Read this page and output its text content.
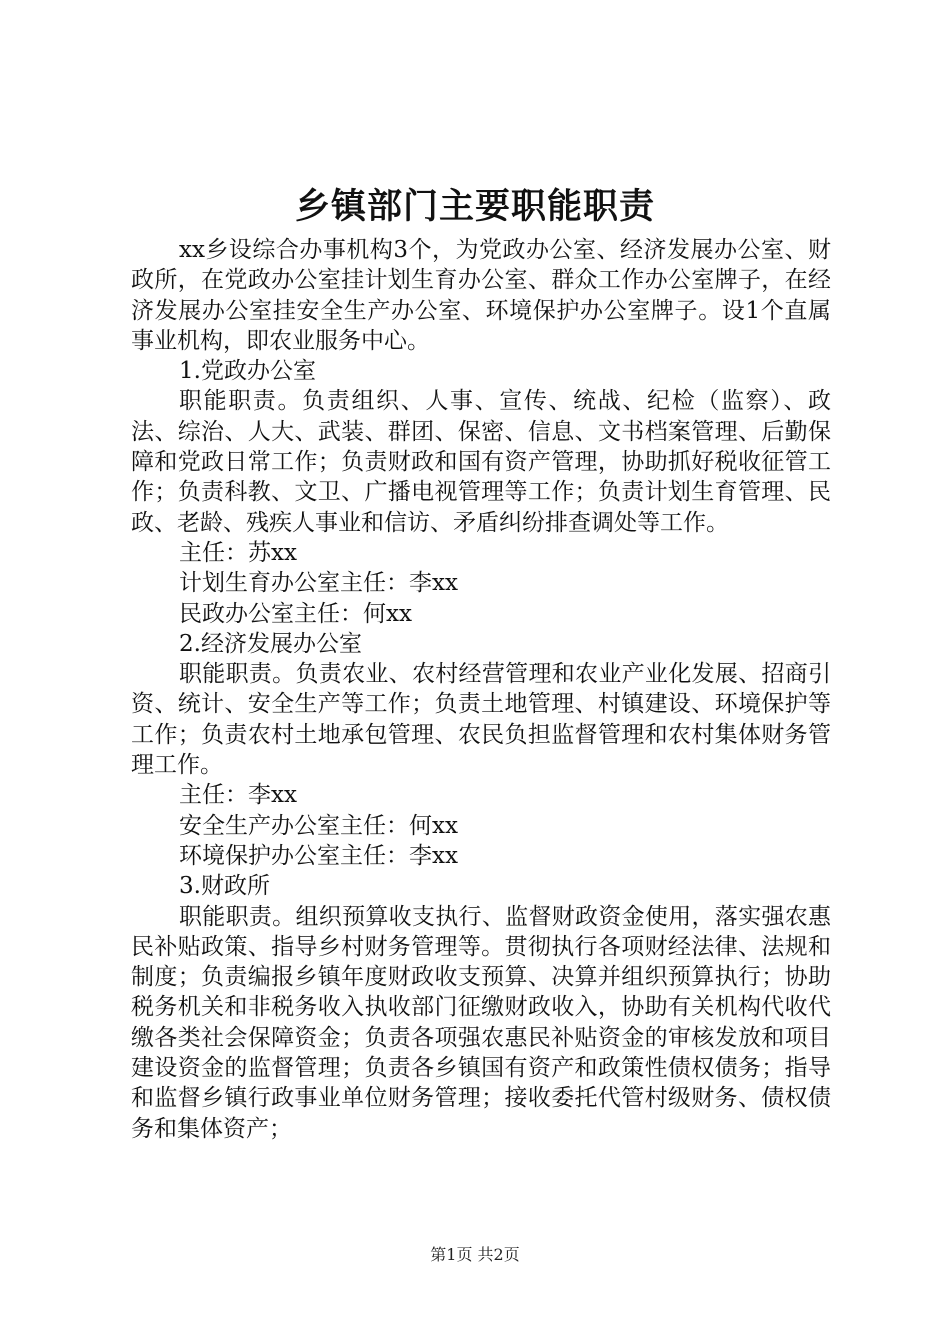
乡镇部门主要职能职责

xx乡设综合办事机构3个，为党政办公室、经济发展办公室、财政所，在党政办公室挂计划生育办公室、群众工作办公室牌子，在经济发展办公室挂安全生产办公室、环境保护办公室牌子。设1个直属事业机构，即农业服务中心。

1.党政办公室

职能职责。负责组织、人事、宣传、统战、纪检（监察）、政法、综治、人大、武装、群团、保密、信息、文书档案管理、后勤保障和党政日常工作；负责财政和国有资产管理，协助抓好税收征管工作；负责科教、文卫、广播电视管理等工作；负责计划生育管理、民政、老龄、残疾人事业和信访、矛盾纠纷排查调处等工作。

主任：苏xx

计划生育办公室主任：李xx

民政办公室主任：何xx

2.经济发展办公室

职能职责。负责农业、农村经营管理和农业产业化发展、招商引资、统计、安全生产等工作；负责土地管理、村镇建设、环境保护等工作；负责农村土地承包管理、农民负担监督管理和农村集体财务管理工作。

主任：李xx

安全生产办公室主任：何xx

环境保护办公室主任：李xx

3.财政所

职能职责。组织预算收支执行、监督财政资金使用，落实强农惠民补贴政策、指导乡村财务管理等。贯彻执行各项财经法律、法规和制度；负责编报乡镇年度财政收支预算、决算并组织预算执行；协助税务机关和非税务收入执收部门征缴财政收入，协助有关机构代收代缴各类社会保障资金；负责各项强农惠民补贴资金的审核发放和项目建设资金的监督管理；负责各乡镇国有资产和政策性债权债务；指导和监督乡镇行政事业单位财务管理；接收委托代管村级财务、债权债务和集体资产；

第1页 共2页
